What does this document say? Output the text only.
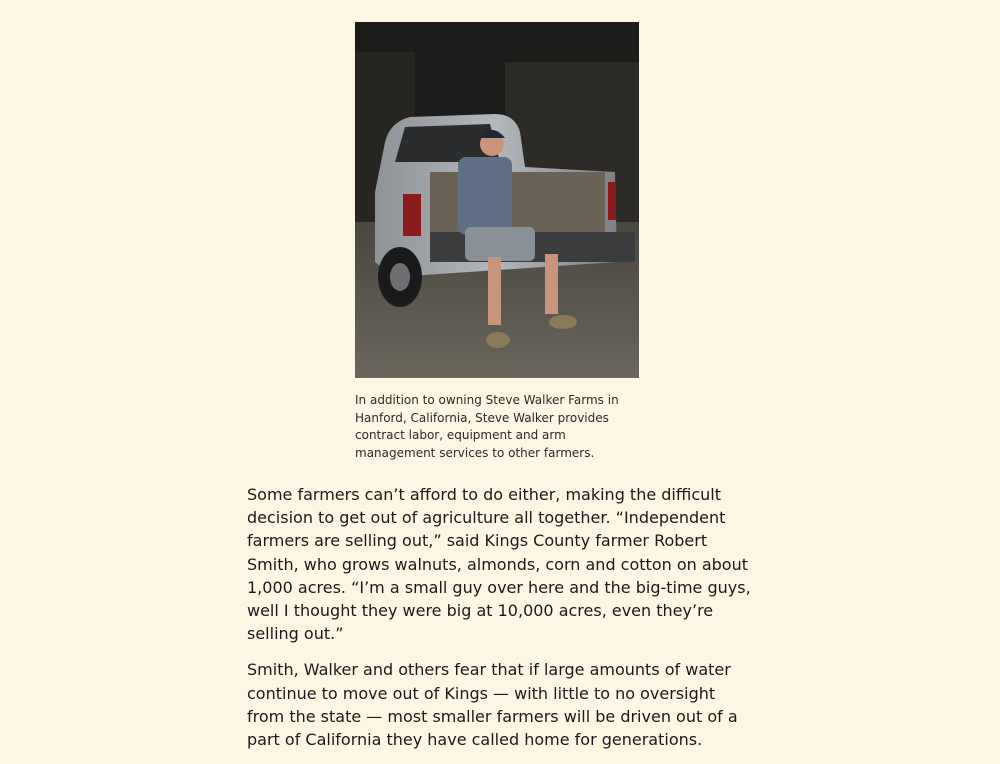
In addition to owning Steve Walker Farms in Hanford, California, Steve Walker provides contract labor, equipment and arm management services to other farmers.

Some farmers can’t afford to do either, making the difficult decision to get out of agriculture all together. “Independent farmers are selling out,” said Kings County farmer Robert Smith, who grows walnuts, almonds, corn and cotton on about 1,000 acres. “I’m a small guy over here and the big-time guys, well I thought they were big at 10,000 acres, even they’re selling out.”

Smith, Walker and others fear that if large amounts of water continue to move out of Kings — with little to no oversight from the state — most smaller farmers will be driven out of a part of California they have called home for generations.
